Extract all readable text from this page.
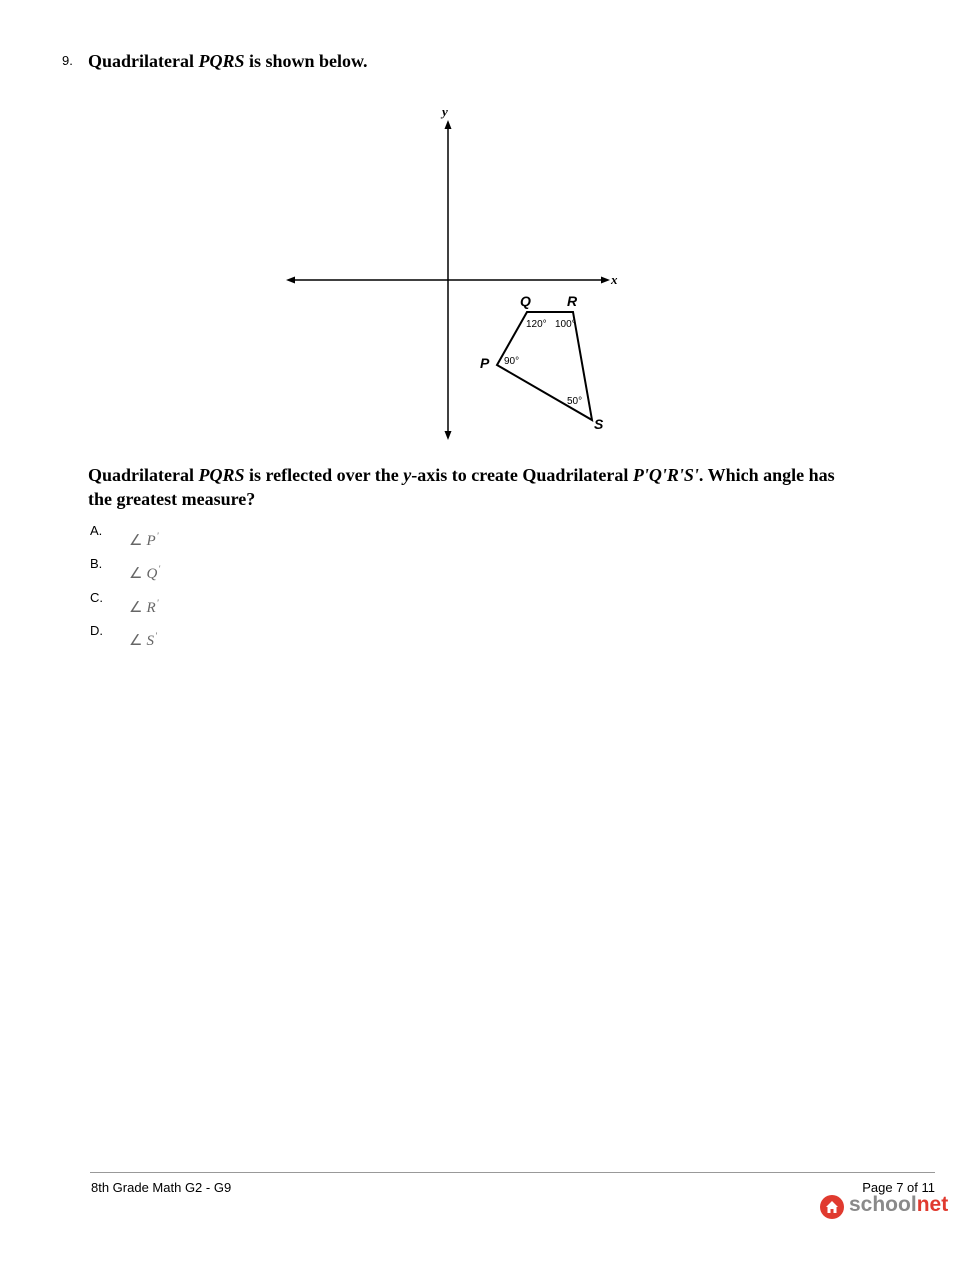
9. Quadrilateral PQRS is shown below.
y
x
P
Q	R
S
90°
120° 100°
50°
Quadrilateral PQRS is reflected over the y-axis to create Quadrilateral P'Q'R'S'. Which angle has the greatest measure?
A.
∠ P'
B.
∠ Q'
C.
∠ R'
D.
∠ S'
8th Grade Math G2 - G9	Page 7 of 11
schoolnet
